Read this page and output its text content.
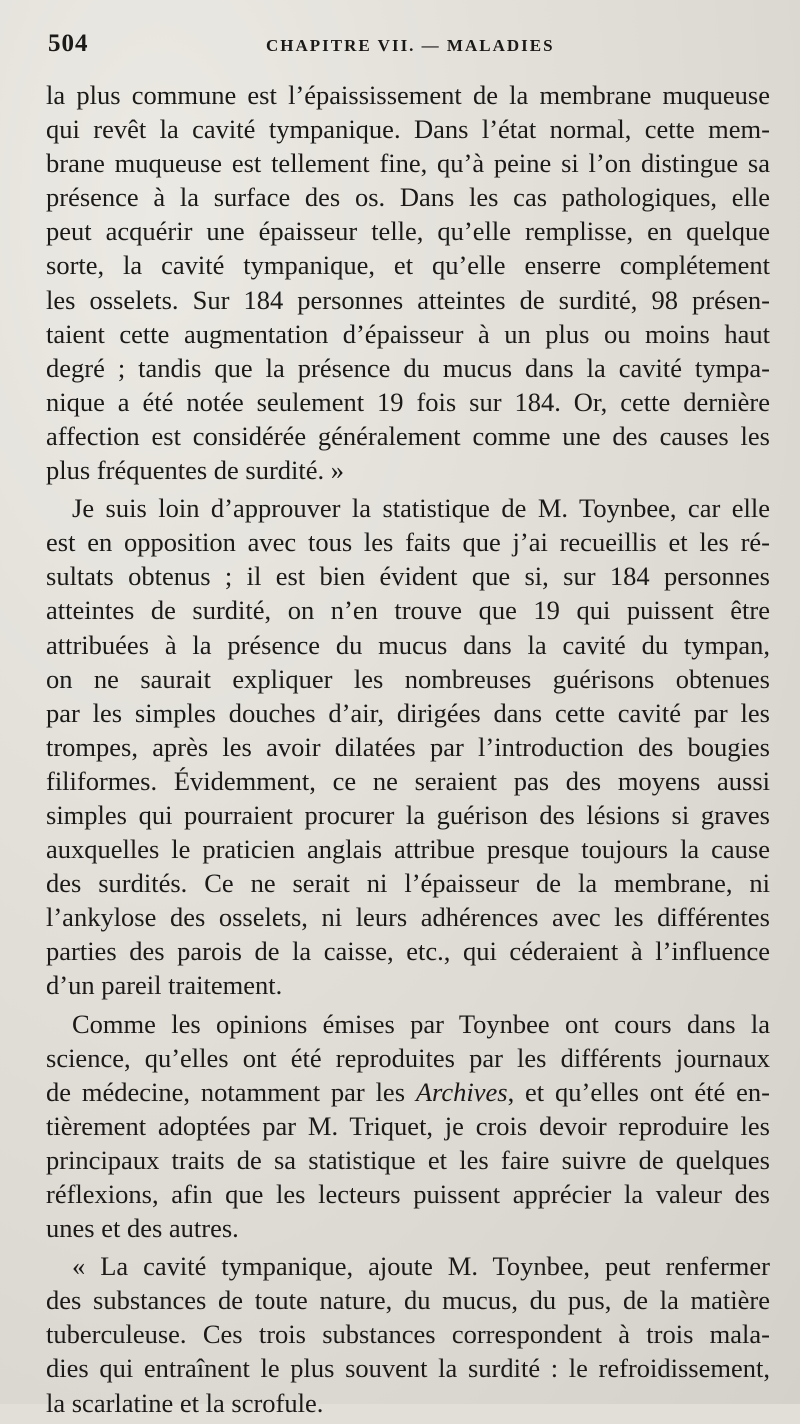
504	CHAPITRE VII. — MALADIES

la plus commune est l’épaississement de la membrane muqueuse
qui revêt la cavité tympanique. Dans l’état normal, cette mem-
brane muqueuse est tellement fine, qu’à peine si l’on distingue sa
présence à la surface des os. Dans les cas pathologiques, elle
peut acquérir une épaisseur telle, qu’elle remplisse, en quelque
sorte, la cavité tympanique, et qu’elle enserre complétement
les osselets. Sur 184 personnes atteintes de surdité, 98 présen-
taient cette augmentation d’épaisseur à un plus ou moins haut
degré ; tandis que la présence du mucus dans la cavité tympa-
nique a été notée seulement 19 fois sur 184. Or, cette dernière
affection est considérée généralement comme une des causes les
plus fréquentes de surdité. »

Je suis loin d’approuver la statistique de M. Toynbee, car elle
est en opposition avec tous les faits que j’ai recueillis et les ré-
sultats obtenus ; il est bien évident que si, sur 184 personnes
atteintes de surdité, on n’en trouve que 19 qui puissent être
attribuées à la présence du mucus dans la cavité du tympan,
on ne saurait expliquer les nombreuses guérisons obtenues
par les simples douches d’air, dirigées dans cette cavité par les
trompes, après les avoir dilatées par l’introduction des bougies
filiformes. Évidemment, ce ne seraient pas des moyens aussi
simples qui pourraient procurer la guérison des lésions si graves
auxquelles le praticien anglais attribue presque toujours la cause
des surdités. Ce ne serait ni l’épaisseur de la membrane, ni
l’ankylose des osselets, ni leurs adhérences avec les différentes
parties des parois de la caisse, etc., qui céderaient à l’influence
d’un pareil traitement.

Comme les opinions émises par Toynbee ont cours dans la
science, qu’elles ont été reproduites par les différents journaux
de médecine, notamment par les Archives, et qu’elles ont été en-
tièrement adoptées par M. Triquet, je crois devoir reproduire les
principaux traits de sa statistique et les faire suivre de quelques
réflexions, afin que les lecteurs puissent apprécier la valeur des
unes et des autres.

« La cavité tympanique, ajoute M. Toynbee, peut renfermer
des substances de toute nature, du mucus, du pus, de la matière
tuberculeuse. Ces trois substances correspondent à trois mala-
dies qui entraînent le plus souvent la surdité : le refroidissement,
la scarlatine et la scrofule.
